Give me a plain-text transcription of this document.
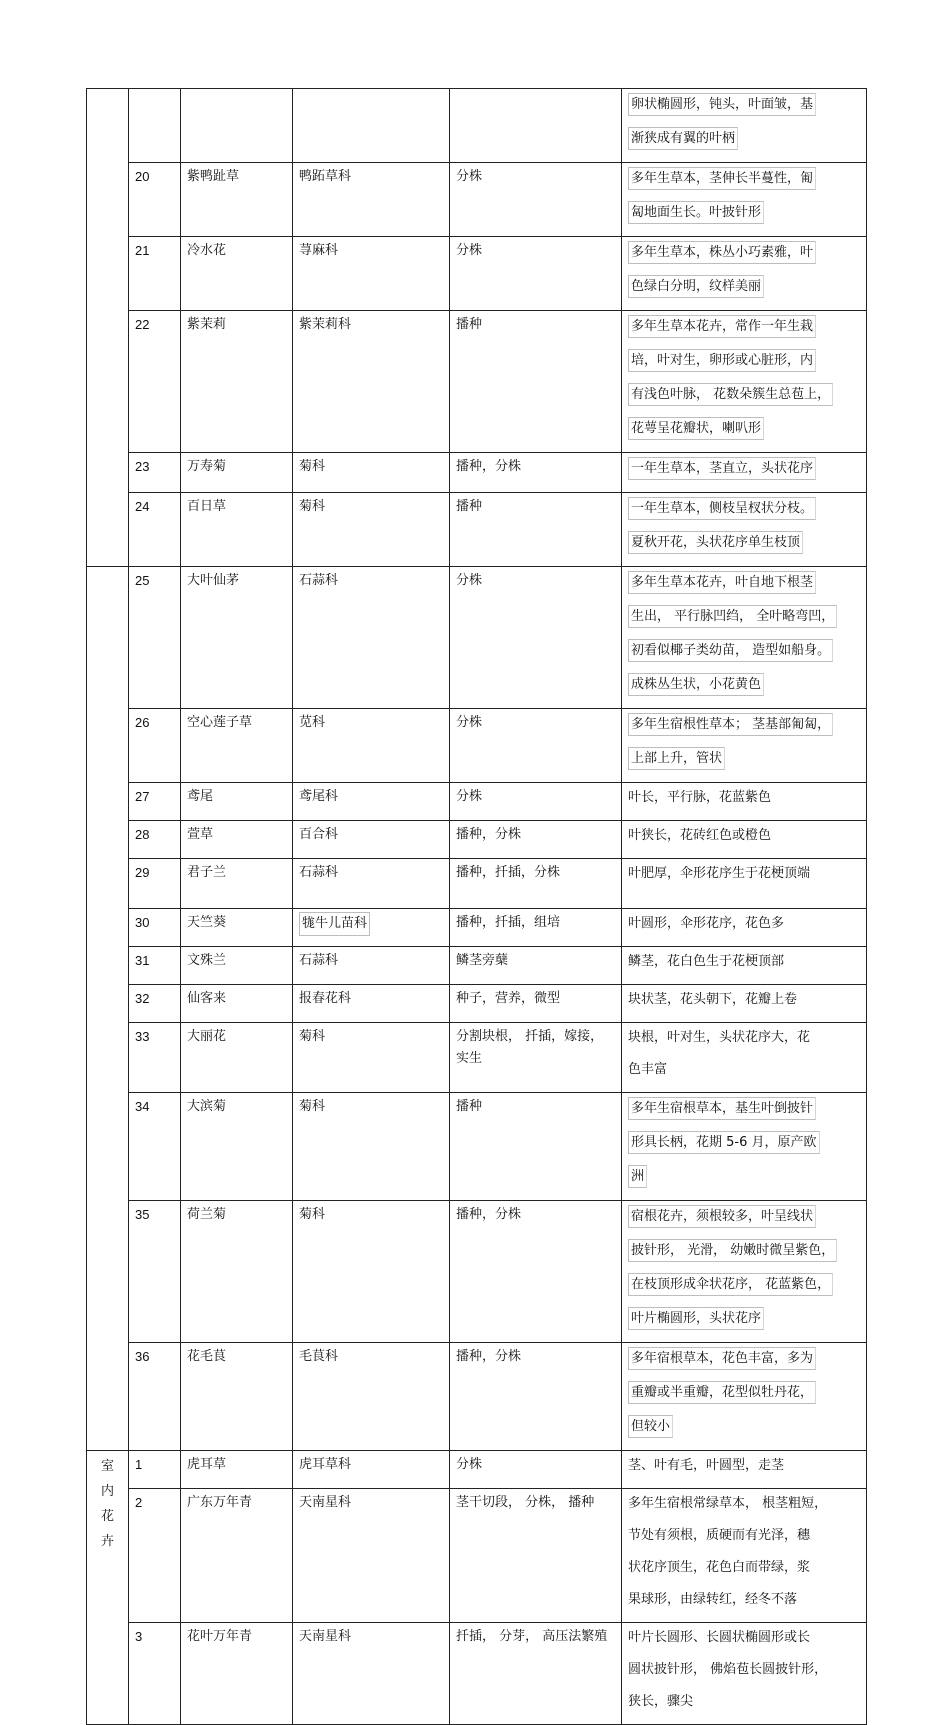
					卵状椭圆形，钝头，叶面皱，基
渐狭成有翼的叶柄

	20	紫鸭趾草	鸭跖草科	分株	多年生草本，茎伸长半蔓性，匍
匐地面生长。叶披针形

	21	冷水花	荨麻科	分株	多年生草本，株丛小巧素雅，叶
色绿白分明，纹样美丽

	22	紫茉莉	紫茉莉科	播种	多年生草本花卉，常作一年生栽
培，叶对生，卵形或心脏形，内
有浅色叶脉， 花数朵簇生总苞上，
花萼呈花瓣状，喇叭形

	23	万寿菊	菊科	播种，分株	一年生草本，茎直立，头状花序

	24	百日草	菊科	播种	一年生草本，侧枝呈杈状分枝。
夏秋开花，头状花序单生枝顶

	25	大叶仙茅	石蒜科	分株	多年生草本花卉，叶自地下根茎
生出， 平行脉凹绉， 全叶略弯凹，
初看似椰子类幼苗， 造型如船身。
成株丛生状，小花黄色

	26	空心莲子草	苋科	分株	多年生宿根性草本； 茎基部匍匐，
上部上升，管状

	27	鸢尾	鸢尾科	分株	叶长，平行脉，花蓝紫色

	28	萱草	百合科	播种，分株	叶狭长，花砖红色或橙色

	29	君子兰	石蒜科	播种，扦插，分株	叶肥厚，伞形花序生于花梗顶端

	30	天竺葵	牻牛儿苗科	播种，扦插，组培	叶圆形，伞形花序，花色多

	31	文殊兰	石蒜科	鳞茎旁蘖	鳞茎，花白色生于花梗顶部

	32	仙客来	报春花科	种子，营养，微型	块状茎，花头朝下，花瓣上卷

	33	大丽花	菊科	分割块根， 扦插，嫁接，实生	块根，叶对生，头状花序大，花
色丰富

	34	大滨菊	菊科	播种	多年生宿根草本，基生叶倒披针
形具长柄，花期 5-6 月，原产欧
洲

	35	荷兰菊	菊科	播种，分株	宿根花卉，须根较多，叶呈线状
披针形， 光滑， 幼嫩时微呈紫色，
在枝顶形成伞状花序， 花蓝紫色，
叶片椭圆形，头状花序

	36	花毛茛	毛茛科	播种，分株	多年宿根草本，花色丰富，多为
重瓣或半重瓣，花型似牡丹花，
但较小

室内花卉	1	虎耳草	虎耳草科	分株	茎、叶有毛，叶圆型，走茎

	2	广东万年青	天南星科	茎干切段， 分株， 播种	多年生宿根常绿草本， 根茎粗短，
节处有须根，质硬而有光泽，穗
状花序顶生，花色白而带绿，浆
果球形，由绿转红，经冬不落

	3	花叶万年青	天南星科	扦插， 分芽， 高压法繁殖	叶片长圆形、长圆状椭圆形或长
圆状披针形， 佛焰苞长圆披针形，
狭长，骤尖
